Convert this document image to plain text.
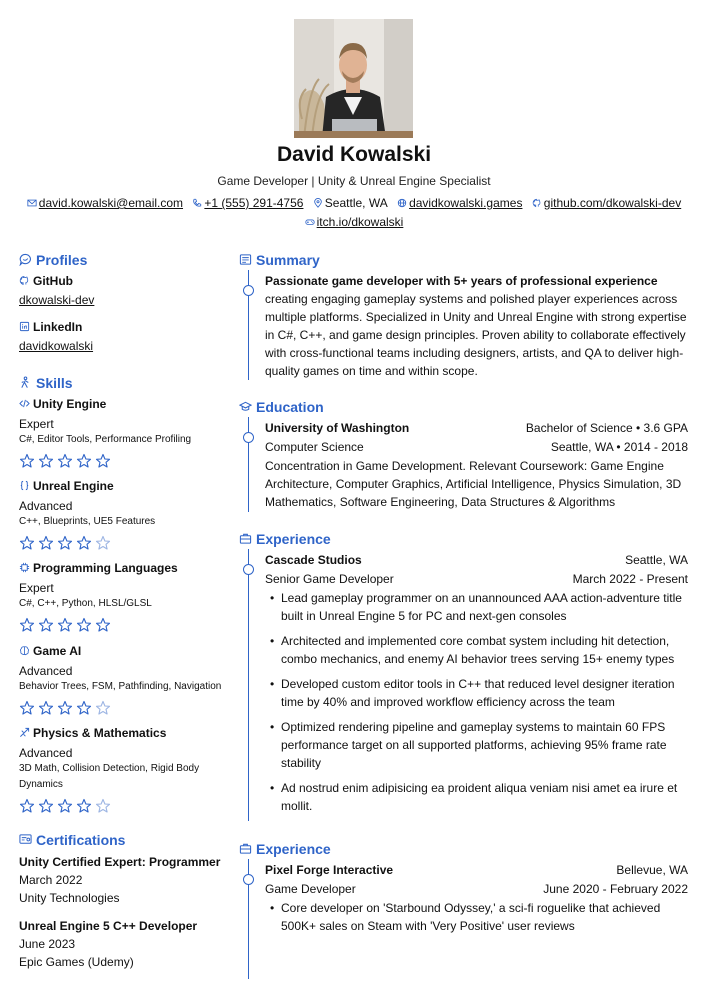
David Kowalski
Game Developer | Unity & Unreal Engine Specialist
david.kowalski@email.com +1 (555) 291-4756 Seattle, WA davidkowalski.games github.com/dkowalski-dev
itch.io/dkowalski
Profiles
GitHub
dkowalski-dev
LinkedIn
davidkowalski
Skills
Unity Engine
Expert
C#, Editor Tools, Performance Profiling
Unreal Engine
Advanced
C++, Blueprints, UE5 Features
Programming Languages
Expert
C#, C++, Python, HLSL/GLSL
Game AI
Advanced
Behavior Trees, FSM, Pathfinding, Navigation
Physics & Mathematics
Advanced
3D Math, Collision Detection, Rigid Body Dynamics
Certifications
Unity Certified Expert: Programmer
March 2022
Unity Technologies
Unreal Engine 5 C++ Developer
June 2023
Epic Games (Udemy)
Summary
Passionate game developer with 5+ years of professional experience creating engaging gameplay systems and polished player experiences across multiple platforms. Specialized in Unity and Unreal Engine with strong expertise in C#, C++, and game design principles. Proven ability to collaborate effectively with cross-functional teams including designers, artists, and QA to deliver high-quality games on time and within scope.
Education
University of Washington	Bachelor of Science • 3.6 GPA
Computer Science	Seattle, WA • 2014 - 2018
Concentration in Game Development. Relevant Coursework: Game Engine Architecture, Computer Graphics, Artificial Intelligence, Physics Simulation, 3D Mathematics, Software Engineering, Data Structures & Algorithms
Experience
Cascade Studios	Seattle, WA
Senior Game Developer	March 2022 - Present
• Lead gameplay programmer on an unannounced AAA action-adventure title built in Unreal Engine 5 for PC and next-gen consoles
• Architected and implemented core combat system including hit detection, combo mechanics, and enemy AI behavior trees serving 15+ enemy types
• Developed custom editor tools in C++ that reduced level designer iteration time by 40% and improved workflow efficiency across the team
• Optimized rendering pipeline and gameplay systems to maintain 60 FPS performance target on all supported platforms, achieving 95% frame rate stability
• Ad nostrud enim adipisicing ea proident aliqua veniam nisi amet ea irure et mollit.
Experience
Pixel Forge Interactive	Bellevue, WA
Game Developer	June 2020 - February 2022
• Core developer on 'Starbound Odyssey,' a sci-fi roguelike that achieved 500K+ sales on Steam with 'Very Positive' user reviews
